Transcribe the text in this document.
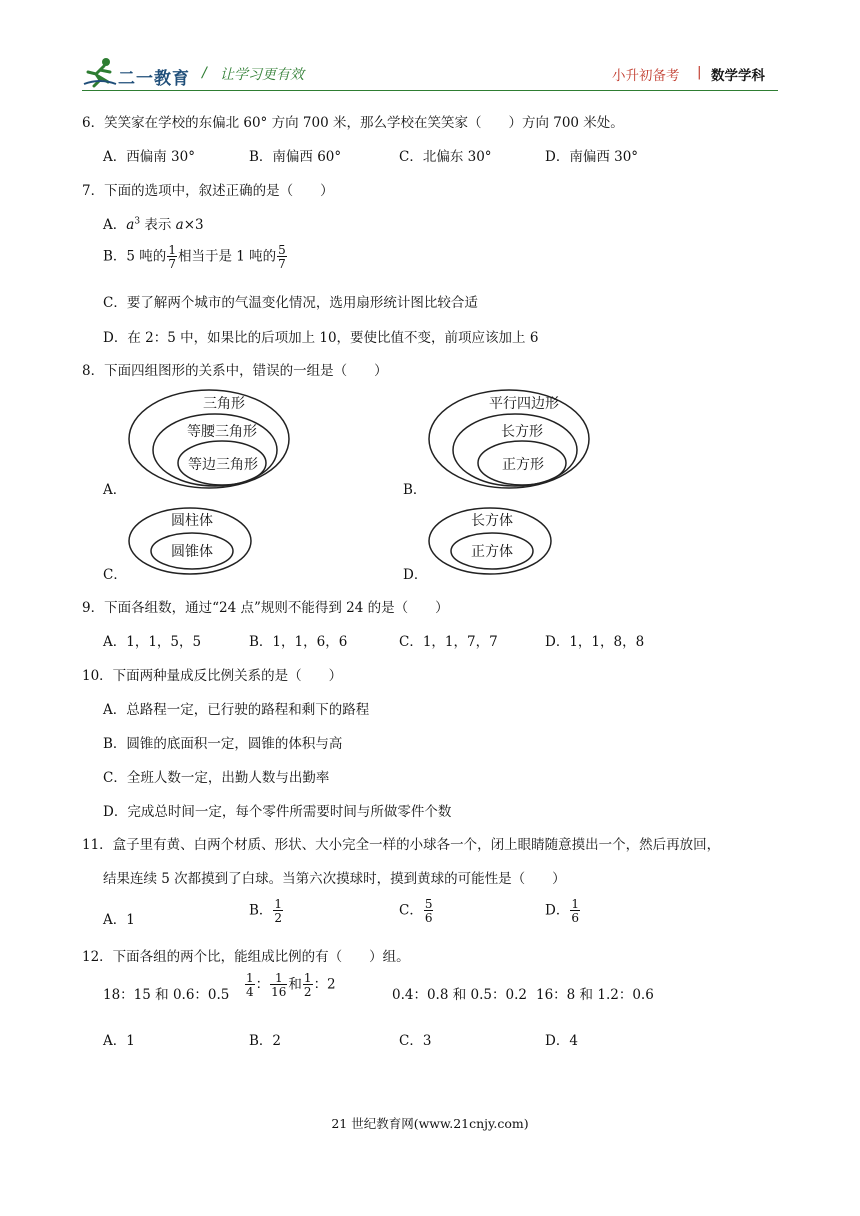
二一教育 / 让学习更有效	小升初备考 | 数学学科
6．笑笑家在学校的东偏北 60° 方向 700 米，那么学校在笑笑家（　　）方向 700 米处。
A．西偏南 30°	B．南偏西 60°	C．北偏东 30°	D．南偏西 30°
7．下面的选项中，叙述正确的是（　　）
A．$a^3$ 表示 a×3
B．5 吨的 $\frac{1}{7}$ 相当于是 1 吨的 $\frac{5}{7}$
C．要了解两个城市的气温变化情况，选用扇形统计图比较合适
D．在 2：5 中，如果比的后项加上 10，要使比值不变，前项应该加上 6
8．下面四组图形的关系中，错误的一组是（　　）
三角形
等腰三角形
等边三角形
A．
平行四边形
长方形
正方形
B．
圆柱体
圆锥体
C．
长方体
正方体
D．
9．下面各组数，通过“24 点”规则不能得到 24 的是（　　）
A．1，1，5，5	B．1，1，6，6	C．1，1，7，7	D．1，1，8，8
10．下面两种量成反比例关系的是（　　）
A．总路程一定，已行驶的路程和剩下的路程
B．圆锥的底面积一定，圆锥的体积与高
C．全班人数一定，出勤人数与出勤率
D．完成总时间一定，每个零件所需要时间与所做零件个数
11．盒子里有黄、白两个材质、形状、大小完全一样的小球各一个，闭上眼睛随意摸出一个，然后再放回，
结果连续 5 次都摸到了白球。当第六次摸球时，摸到黄球的可能性是（　　）
A．1
B． $\frac{1}{2}$	C． $\frac{5}{6}$	D． $\frac{1}{6}$
12．下面各组的两个比，能组成比例的有（　　）组。
18：15 和 0.6：$0.5 \frac{1}{4}$ ： $\frac{1}{16}$ 和 $\frac{1}{2}$ ：2
0.4：0.8 和 0.5：0.2 16：8 和 1.2：0.6
A．1	B．2	C．3	D．4
21 世纪教育网(www.21cnjy.com)
